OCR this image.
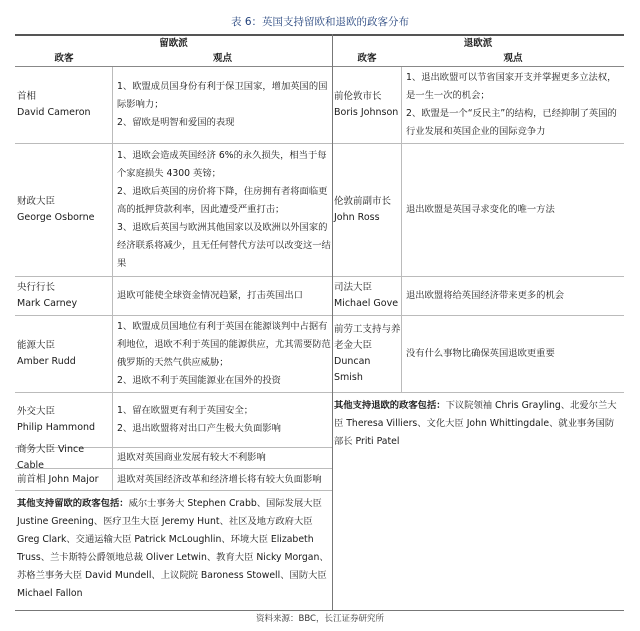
表 6：英国支持留欧和退欧的政客分布
留欧派
政客	观点
首相
David Cameron
1、欧盟成员国身份有利于保卫国家，增加英国的国际影响力；
2、留欧是明智和爱国的表现
财政大臣
George Osborne
1、退欧会造成英国经济 6%的永久损失，相当于每个家庭损失 4300 英镑；
2、退欧后英国的房价将下降，住房拥有者将面临更高的抵押贷款利率，因此遭受严重打击；
3、退欧后英国与欧洲其他国家以及欧洲以外国家的经济联系将减少，且无任何替代方法可以改变这一结果
央行行长
Mark Carney
退欧可能使全球资金情况趋紧，打击英国出口
能源大臣
Amber Rudd
1、欧盟成员国地位有利于英国在能源谈判中占据有利地位，退欧不利于英国的能源供应，尤其需要防范俄罗斯的天然气供应威胁；
2、退欧不利于英国能源业在国外的投资
外交大臣
Philip Hammond
1、留在欧盟更有利于英国安全；
2、退出欧盟将对出口产生极大负面影响
商务大臣 Vince Cable
退欧对英国商业发展有较大不利影响
前首相 John Major 退欧对英国经济改革和经济增长将有较大负面影响
其他支持留欧的政客包括：威尔士事务大 Stephen Crabb、国际发展大臣 Justine Greening、医疗卫生大臣 Jeremy Hunt、社区及地方政府大臣 Greg Clark、交通运输大臣 Patrick McLoughlin、环境大臣 Elizabeth Truss、兰卡斯特公爵领地总裁 Oliver Letwin、教育大臣 Nicky Morgan、苏格兰事务大臣 David Mundell、上议院院 Baroness Stowell、国防大臣 Michael Fallon
退欧派
政客	观点
前伦敦市长
Boris Johnson
1、退出欧盟可以节省国家开支并掌握更多立法权，是一生一次的机会；
2、欧盟是一个“反民主”的结构，已经抑制了英国的行业发展和英国企业的国际竞争力
伦敦前副市长
John Ross
退出欧盟是英国寻求变化的唯一方法
司法大臣
Michael Gove
退出欧盟将给英国经济带来更多的机会
前劳工支持与养老金大臣
Duncan Smish
没有什么事物比确保英国退欧更重要
其他支持退欧的政客包括：下议院领袖 Chris Grayling、北爱尔兰大臣 Theresa Villiers、文化大臣 John Whittingdale、就业事务国防部长 Priti Patel
资料来源：BBC，长江证券研究所
